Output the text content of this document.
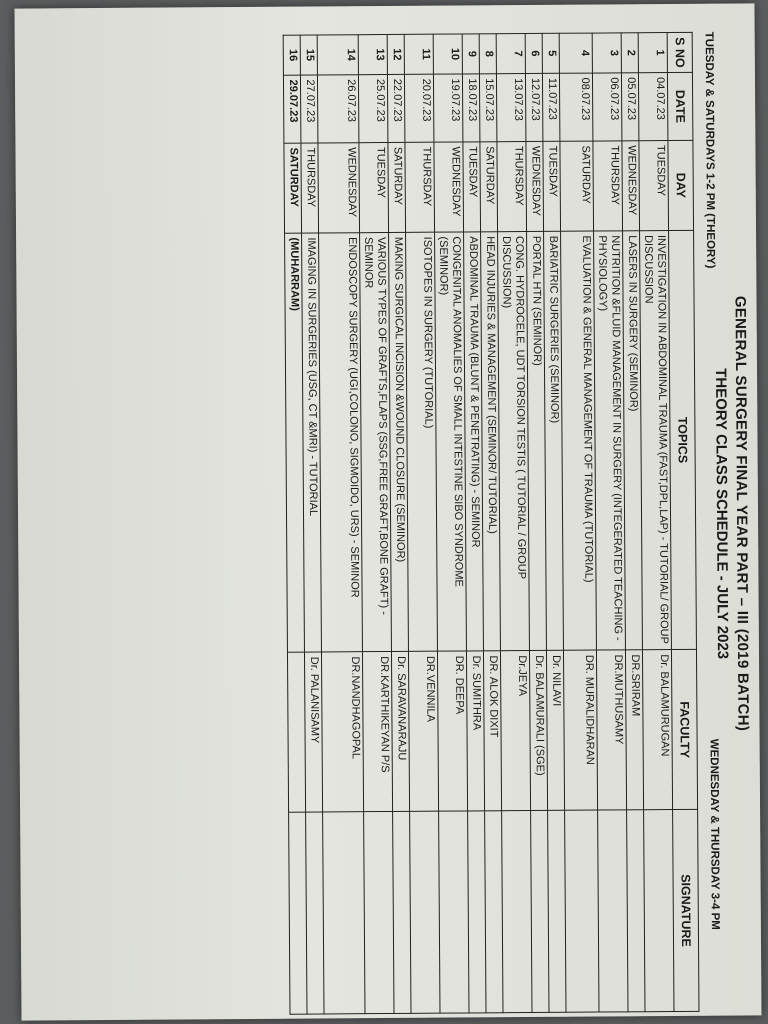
GENERAL SURGERY FINAL YEAR PART – III (2019 BATCH)
THEORY CLASS SCHEDULE - JULY 2023
TUESDAY & SATURDAYS 1-2 PM (THEORY)
WEDNESDAY & THURSDAY 3-4 PM
S NO	DATE	DAY	TOPICS	FACULTY	SIGNATURE
1	04.07.23	TUESDAY	INVESTIGATION IN ABDOMINAL TRAUMA (FAST,DPL,LAP) - TUTORIAL/ GROUP DISCUSSION	Dr. BALAMURUGAN	
2	05.07.23	WEDNESDAY	LASERS IN SURGERY (SEMINOR)	DR.SRIRAM	
3	06.07.23	THURSDAY	NUTRITION &FLUID MANAGEMENT IN SURGERY (INTEGERATED TEACHING - PHYSIOLOGY)	DR.MUTHUSAMY	
4	08.07.23	SATURDAY	EVALUATION & GENERAL MANAGEMENT OF TRAUMA (TUTORIAL)	DR. MURALIDHARAN	
5	11.07.23	TUESDAY	BARIATRIC SURGERIES (SEMINOR)	Dr. NILAVI	
6	12.07.23	WEDNESDAY	PORTAL HTN (SEMINOR)	Dr. BALAMURALI (SGE)	
7	13.07.23	THURSDAY	CONG. HYDROCELE, UDT TORSION TESTIS ( TUTORIAL / GROUP DISCUSSION)	Dr.JEYA	
8	15.07.23	SATURDAY	HEAD INJURIES & MANAGEMENT (SEMINOR/ TUTORIAL)	DR. ALOK DIXIT	
9	18.07.23	TUESDAY	ABDOMINAL TRAUMA (BLUNT & PENETRATING) - SEMINOR	Dr. SUMITHRA	
10	19.07.23	WEDNESDAY	CONGENITAL ANOMALIES OF SMALL INTESTINE SIBO SYNDROME (SEMINOR)	DR. DEEPA	
11	20.07.23	THURSDAY	ISOTOPES IN SURGERY (TUTORIAL)	DR.VENNILA	
12	22.07.23	SATURDAY	MAKING SURGICAL INCISION &WOUND CLOSURE (SEMINOR)	Dr. SARAVANARAJU	
13	25.07.23	TUESDAY	VARIOUS TYPES OF GRAFTS,FLAPS (SSG,FREE GRAFT,BONE GRAFT) - SEMINOR	DR.KARTHIKEYAN P/S	
14	26.07.23	WEDNESDAY	ENDOSCOPY SURGERY (UGI,COLONO, SIGMOIDO, URS) - SEMINOR	DR.NANDHAGOPAL	
15	27.07.23	THURSDAY	IMAGING IN SURGERIES (USG, CT &MRI) - TUTORIAL	Dr. PALANISAMY	
16	29.07.23	SATURDAY	(MUHARRAM)		
